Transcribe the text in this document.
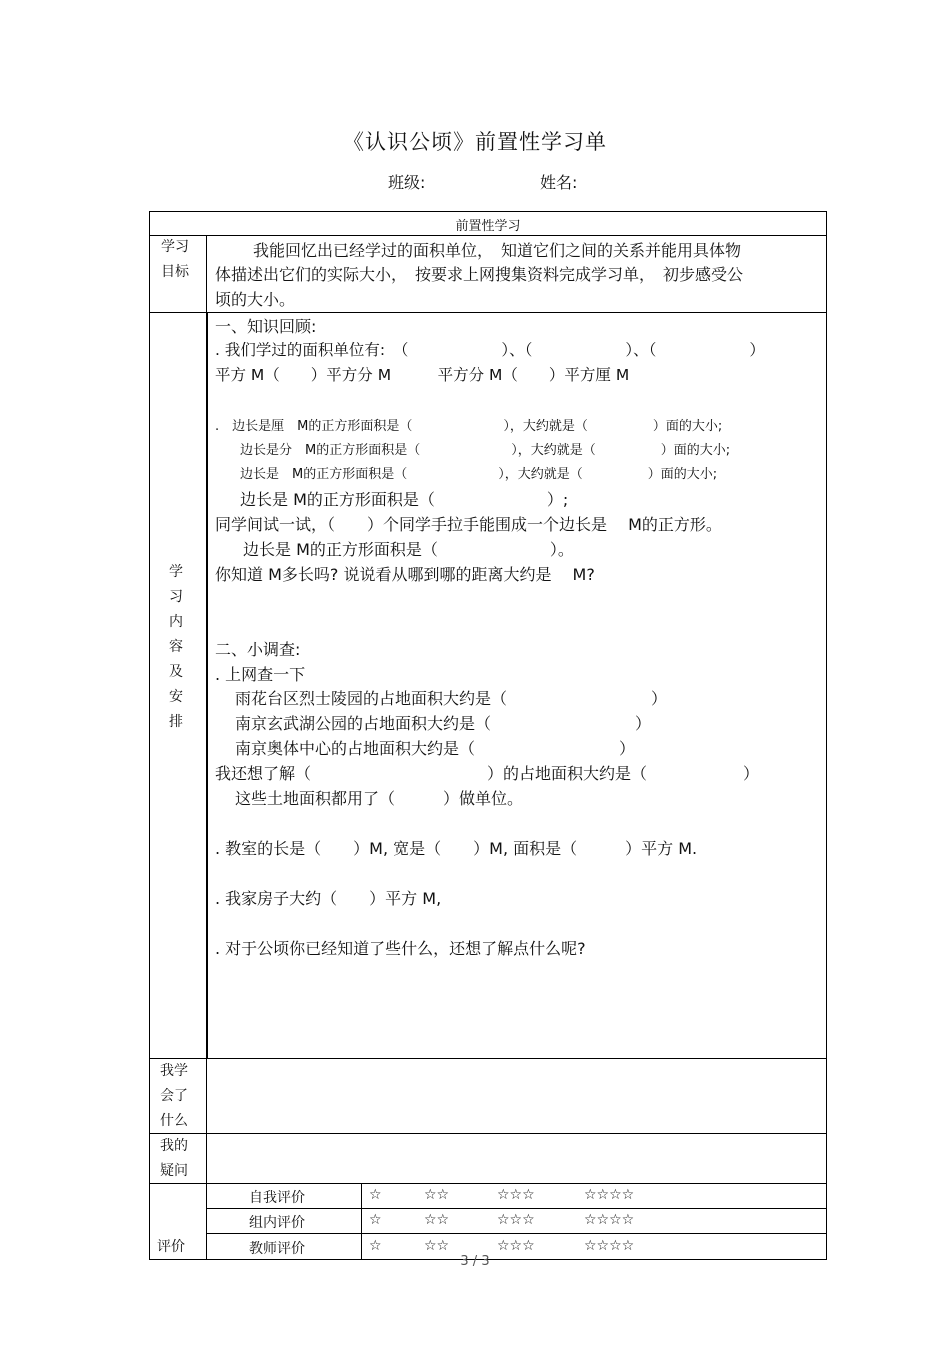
《认识公顷》前置性学习单
班级:	姓名:
前置性学习
学习
目标
我能回忆出已经学过的面积单位，　知道它们之间的关系并能用具体物
体描述出它们的实际大小，　按要求上网搜集资料完成学习单，　初步感受公
顷的大小。
学
习
内
容
及
安
排
一、知识回顾:
. 我们学过的面积单位有:　（　　　　　　）、（　　　　　　）、（　　　　　　）
平方 M（　　）平方分 M　　　平方分 M（　　）平方厘 M
.　边长是厘　M的正方形面积是（　　　　　　　），大约就是（　　　　　）面的大小;
边长是分　M的正方形面积是（　　　　　　　），大约就是（　　　　　）面的大小;
边长是　M的正方形面积是（　　　　　　　），大约就是（　　　　　）面的大小;
边长是 M的正方形面积是（　　　　　　　）;
同学间试一试，（　　）个同学手拉手能围成一个边长是　 M的正方形。
边长是 M的正方形面积是（　　　　　　　）。
你知道 M多长吗? 说说看从哪到哪的距离大约是　 M?
二、小调查:
. 上网查一下
雨花台区烈士陵园的占地面积大约是（　　　　　　　　　）
南京玄武湖公园的占地面积大约是（　　　　　　　　　）
南京奥体中心的占地面积大约是（　　　　　　　　　）
我还想了解（　　　　　　　　　　　）的占地面积大约是（　　　　　　）
这些土地面积都用了（　　　）做单位。
. 教室的长是（　　）M, 宽是（　　）M, 面积是（　　　）平方 M.
. 我家房子大约（　　）平方 M,
. 对于公顷你已经知道了些什么，还想了解点什么呢?
我学
会了
什么
我的
疑问
评价
自我评价	☆	☆☆	☆☆☆	☆☆☆☆
组内评价	☆	☆☆	☆☆☆	☆☆☆☆
教师评价	☆	☆☆	☆☆☆	☆☆☆☆
3 / 3
